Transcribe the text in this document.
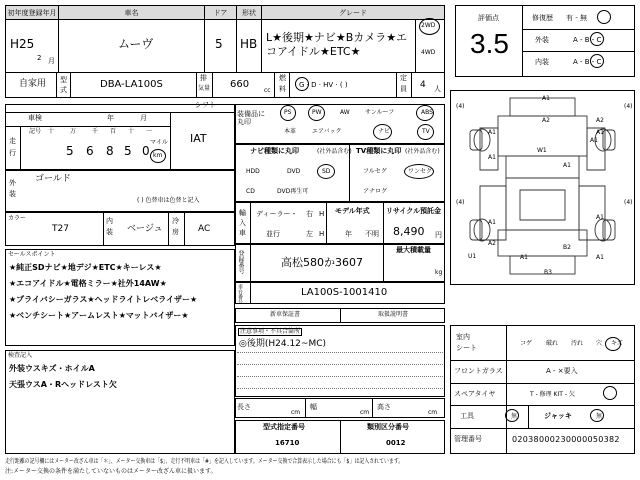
初年度登録年月	車名	ドア 形状	グレード
H25
2 月
ムーヴ	5 HB L★後期★ナビ★Bカメラ★エ
コアイドル★ETC★
2WD
4WD
自家用 型
式	DBA-LA100S
排
気量 660
cc
燃
料 G · D · HV · ( )
定
員 4 人
評価点
3.5
修復歴 有 - 無
外装	A - B - C
内装	A - B - C
シフト
車検	年	月
走
行
記号 十	万	千 百 十 一
5 6 8 5 0
マイル
km
IAT
外
装
ゴールド
( ) 色替車は色替と記入
カラー
T27
内
装 ベージュ
冷
房 AC
セールスポイント
★純正SDナビ★地デジ★ETC★キーレス★
★エコアイドル★電格ミラー★社外14AW★
★プライバシーガラス★ヘッドライトレベライザー★
★ベンチシート★アームレスト★マットバイザー★
検査記入
外装ウスキズ・ホイルA
天張ウスA・Rヘッドレスト欠
装備品に
丸印
PS	PW	AW	サンルーフ	ABS
本革	エアバック	ナビ	TV
ナビ種類に丸印	(社外品含む) TV種類に丸印 (社外品含む)
HDD	DVD	SD
CD	DVD再生可
フルセグ	ワンセグ
アナログ
輸
入
車
ディーラー・
並行
右 H
左 H
モデル年式
年 不明
リサイクル預託金
8,490 円
登録番号	高松580か3607
最大積載量
kg
車台番号	LA100S-1001410
新車保証書	取扱説明書
注意事項・不具合箇所
◎後期(H24.12~MC)
長さ
cm
幅
cm
高さ
cm
型式指定番号
16710
類別区分番号
0012
A1
A2	A2
A1
W1
A1
A1
A1
A1
A1
A1
A2
B2
A1	A1
B3
U1
(4)	(4)
(4)	(4)
室内
シート
コゲ 破れ 汚れ 穴 キズ
フロントガラス	A - ×要入
スペアタイヤ	T - 修理 KIT - 欠
工具	無	ジャッキ	無
管理番号	02038000230000050382
走行距離の記号欄にはメーター改ざん車は「＊」、メーター交換車は「$」、走行不明車は「#」を記入しています。メーター交換で合算表示した場合にも「$」は記入されています。
注:メーター交換の条件を満たしていないものはメーター改ざん車に扱います。
